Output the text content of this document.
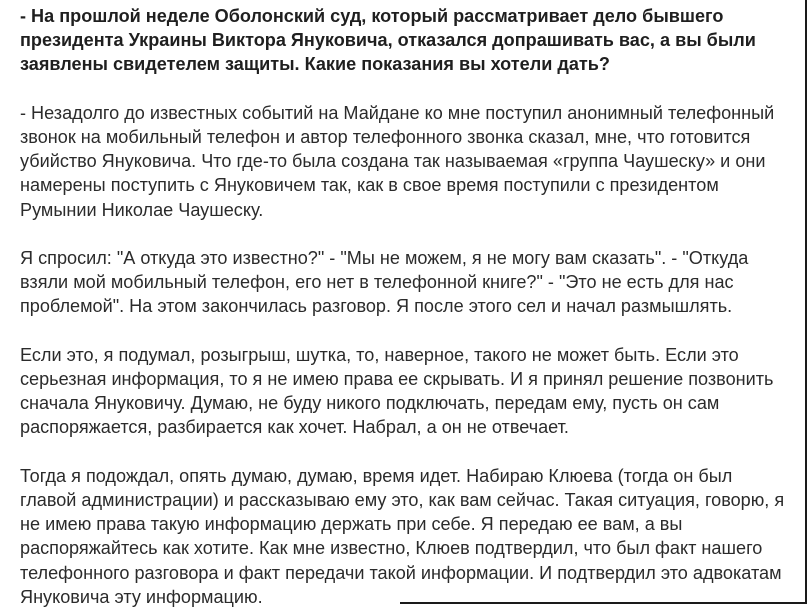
- На прошлой неделе Оболонский суд, который рассматривает дело бывшего президента Украины Виктора Януковича, отказался допрашивать вас, а вы были заявлены свидетелем защиты. Какие показания вы хотели дать?

- Незадолго до известных событий на Майдане ко мне поступил анонимный телефонный звонок на мобильный телефон и автор телефонного звонка сказал, мне, что готовится убийство Януковича. Что где-то была создана так называемая «группа Чаушеску» и они намерены поступить с Януковичем так, как в свое время поступили с президентом Румынии Николае Чаушеску.

Я спросил: "А откуда это известно?" - "Мы не можем, я не могу вам сказать". - "Откуда взяли мой мобильный телефон, его нет в телефонной книге?" - "Это не есть для нас проблемой". На этом закончилась разговор. Я после этого сел и начал размышлять.

Если это, я подумал, розыгрыш, шутка, то, наверное, такого не может быть. Если это серьезная информация, то я не имею права ее скрывать. И я принял решение позвонить сначала Януковичу. Думаю, не буду никого подключать, передам ему, пусть он сам распоряжается, разбирается как хочет. Набрал, а он не отвечает.

Тогда я подождал, опять думаю, думаю, время идет. Набираю Клюева (тогда он был главой администрации) и рассказываю ему это, как вам сейчас. Такая ситуация, говорю, я не имею права такую информацию держать при себе. Я передаю ее вам, а вы распоряжайтесь как хотите. Как мне известно, Клюев подтвердил, что был факт нашего телефонного разговора и факт передачи такой информации. И подтвердил это адвокатам Януковича эту информацию.
